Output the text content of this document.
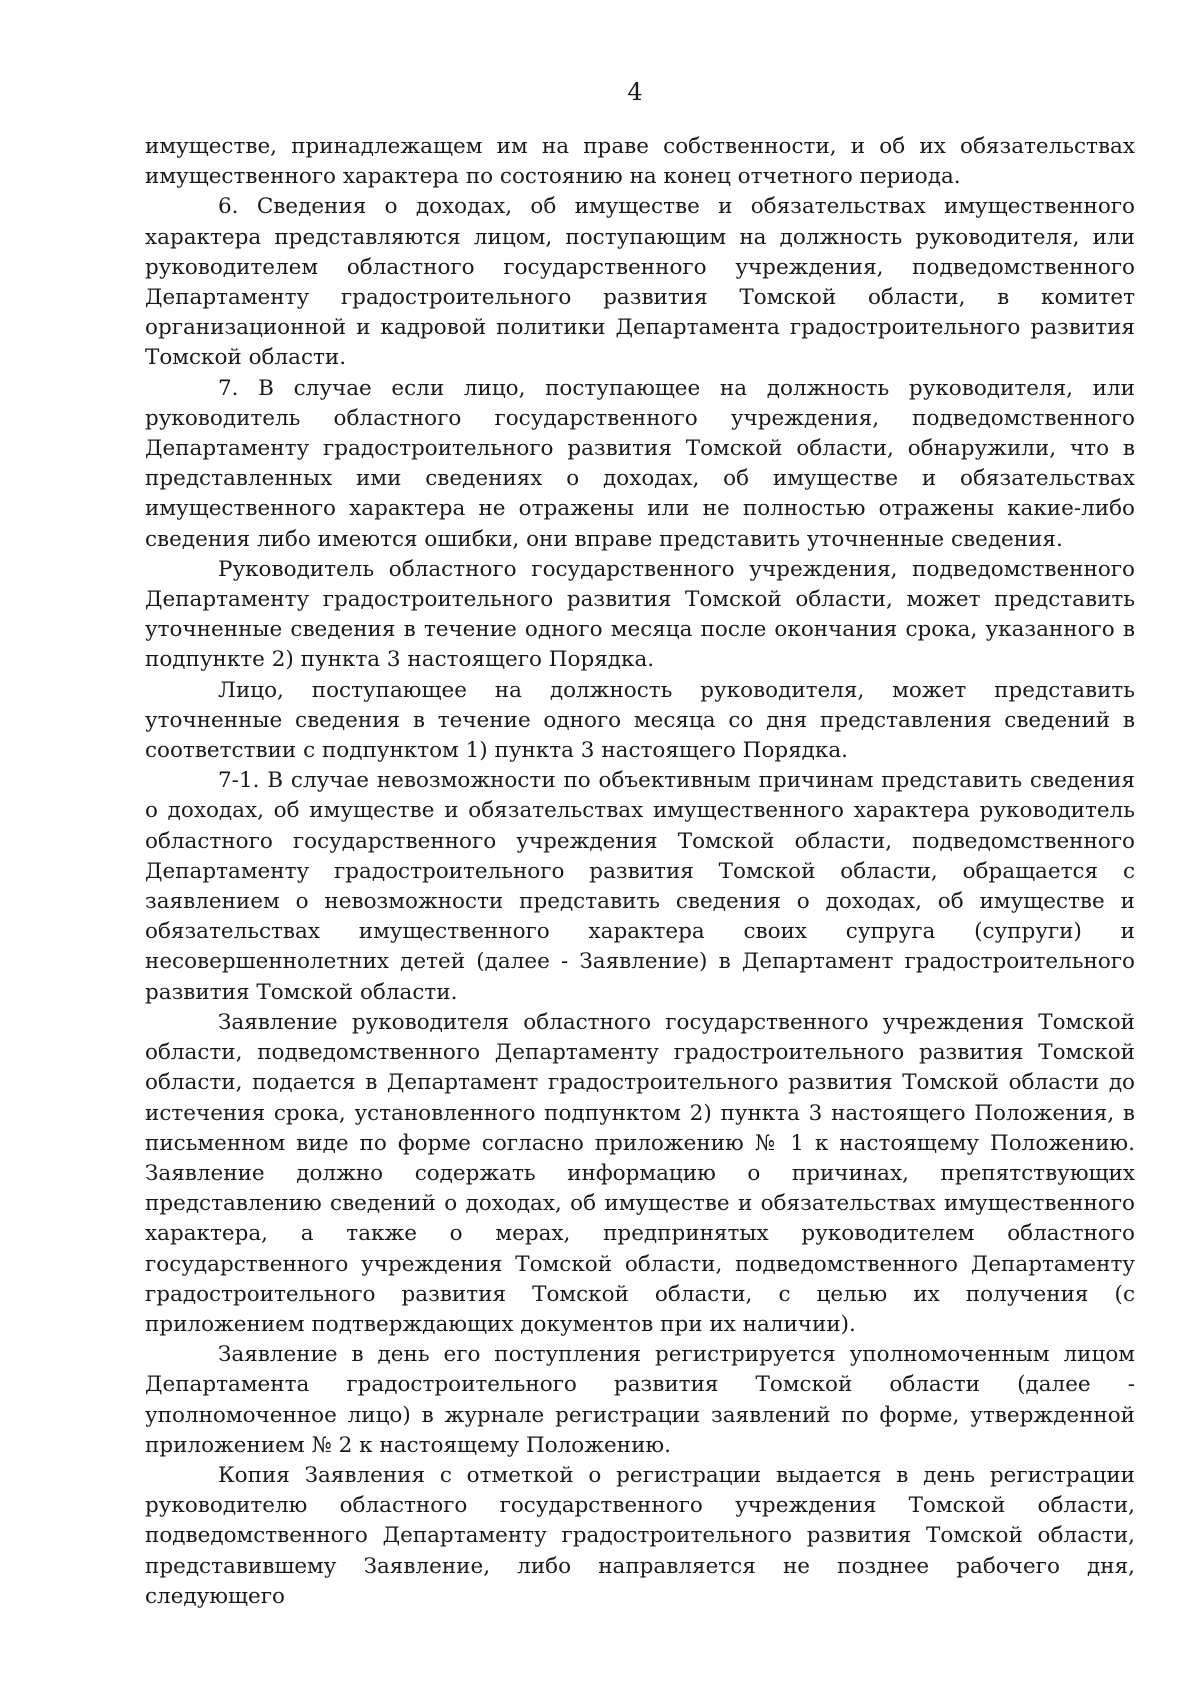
4

имуществе, принадлежащем им на праве собственности, и об их обязательствах имущественного характера по состоянию на конец отчетного периода.

6. Сведения о доходах, об имуществе и обязательствах имущественного характера представляются лицом, поступающим на должность руководителя, или руководителем областного государственного учреждения, подведомственного Департаменту градостроительного развития Томской области, в комитет организационной и кадровой политики Департамента градостроительного развития Томской области.

7. В случае если лицо, поступающее на должность руководителя, или руководитель областного государственного учреждения, подведомственного Департаменту градостроительного развития Томской области, обнаружили, что в представленных ими сведениях о доходах, об имуществе и обязательствах имущественного характера не отражены или не полностью отражены какие-либо сведения либо имеются ошибки, они вправе представить уточненные сведения.

Руководитель областного государственного учреждения, подведомственного Департаменту градостроительного развития Томской области, может представить уточненные сведения в течение одного месяца после окончания срока, указанного в подпункте 2) пункта 3 настоящего Порядка.

Лицо, поступающее на должность руководителя, может представить уточненные сведения в течение одного месяца со дня представления сведений в соответствии с подпунктом 1) пункта 3 настоящего Порядка.

7-1. В случае невозможности по объективным причинам представить сведения о доходах, об имуществе и обязательствах имущественного характера руководитель областного государственного учреждения Томской области, подведомственного Департаменту градостроительного развития Томской области, обращается с заявлением о невозможности представить сведения о доходах, об имуществе и обязательствах имущественного характера своих супруга (супруги) и несовершеннолетних детей (далее - Заявление) в Департамент градостроительного развития Томской области.

Заявление руководителя областного государственного учреждения Томской области, подведомственного Департаменту градостроительного развития Томской области, подается в Департамент градостроительного развития Томской области до истечения срока, установленного подпунктом 2) пункта 3 настоящего Положения, в письменном виде по форме согласно приложению № 1 к настоящему Положению. Заявление должно содержать информацию о причинах, препятствующих представлению сведений о доходах, об имуществе и обязательствах имущественного характера, а также о мерах, предпринятых руководителем областного государственного учреждения Томской области, подведомственного Департаменту градостроительного развития Томской области, с целью их получения (с приложением подтверждающих документов при их наличии).

Заявление в день его поступления регистрируется уполномоченным лицом Департамента градостроительного развития Томской области (далее - уполномоченное лицо) в журнале регистрации заявлений по форме, утвержденной приложением № 2 к настоящему Положению.

Копия Заявления с отметкой о регистрации выдается в день регистрации руководителю областного государственного учреждения Томской области, подведомственного Департаменту градостроительного развития Томской области, представившему Заявление, либо направляется не позднее рабочего дня, следующего
